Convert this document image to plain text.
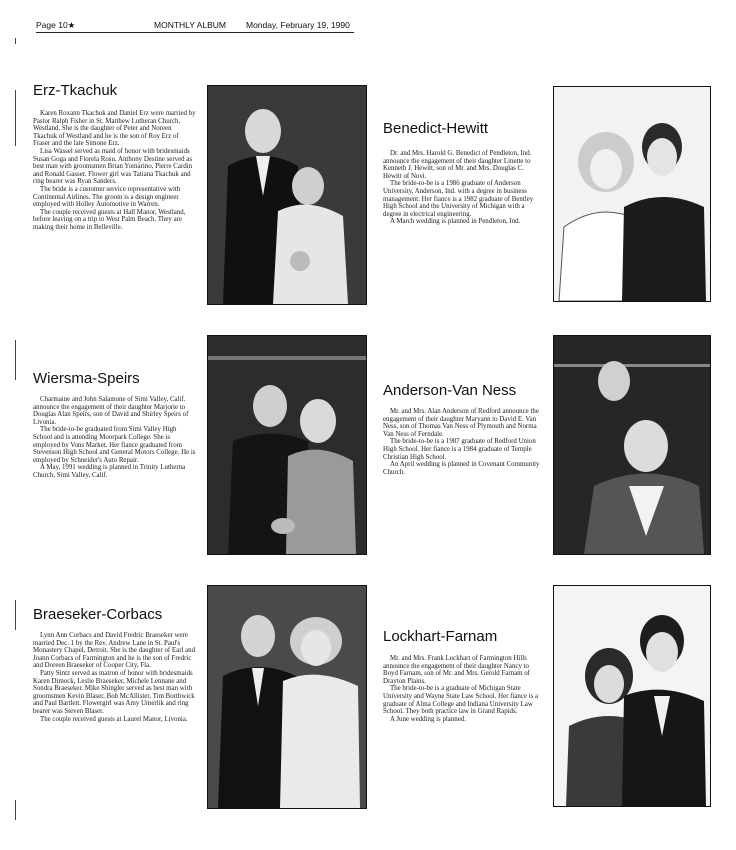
Page 10★	MONTHLY ALBUM Monday, February 19, 1990
Erz-Tkachuk

Karen Roxann Tkachuk and Daniel Erz were married by Pastor Ralph Fisher in St. Matthew Lutheran Church, Westland. She is the daughter of Peter and Noreen Tkachuk of Westland and he is the son of Roy Erz of Fraser and the late Simone Erz.

Lisa Wassel served as maid of honor with bridesmaids Susan Goga and Fiorela Rosu. Anthony Destine served as best man with groomsmen Brian Yomarino, Pierre Cardin and Ronald Gasser. Flower girl was Tatiana Tkachuk and ring bearer was Ryan Sanders.

The bride is a customer service representative with Continental Airlines. The groom is a design engineer employed with Holley Automotive in Warren.

The couple received guests at Hall Manor, Westland, before leaving on a trip to West Palm Beach. They are making their home in Belleville.

Benedict-Hewitt

Dr. and Mrs. Harold G. Benedict of Pendleton, Ind. announce the engagement of their daughter Linette to Kenneth J. Hewitt, son of Mr. and Mrs. Douglas C. Hewitt of Novi.

The bride-to-be is a 1986 graduate of Anderson University, Anderson, Ind. with a degree in business management. Her fiance is a 1982 graduate of Bentley High School and the University of Michigan with a degree in electrical engineering.

A March wedding is planned in Pendleton, Ind.

Wiersma-Speirs

Charmaine and John Salamone of Simi Valley, Calif. announce the engagement of their daughter Marjorie to Douglas Alan Speirs, son of David and Shirley Speirs of Livonia.

The bride-to-be graduated from Simi Valley High School and is attending Moorpark College. She is employed by Vons Market. Her fiance graduated from Stevenson High School and General Motors College. He is employed by Schneider's Auto Repair.

A May, 1991 wedding is planned in Trinity Lutherna Church, Simi Valley, Calif.

Anderson-Van Ness

Mr. and Mrs. Alan Anderson of Redford announce the engagement of their daughter Maryann to David E. Van Ness, son of Thomas Van Ness of Plymouth and Norma Van Ness of Ferndale.

The bride-to-be is a 1987 graduate of Redford Union High School. Her fiance is a 1984 graduate of Temple Christian High School.

An April wedding is planned in Covenant Community Church.

Braeseker-Corbacs

Lynn Ann Corbacs and David Fredric Braeseker were married Dec. 1 by the Rev. Andrew Lane in St. Paul's Monastery Chapel, Detroit. She is the daughter of Earl and Joann Corbacs of Farmington and he is the son of Fredric and Doreen Braeseker of Cooper City, Fla.

Patty Sintz served as matron of honor with bridesmaids Karen Dimock, Leslie Braeseker, Michele Lennane and Sondra Braeseker. Mike Shingler served as best man with groomsmen Kevin Blaser, Bob McAllister, Tim Borthwick and Paul Bartlett. Flowergirl was Amy Umerlik and ring bearer was Steven Blaser.

The couple received guests at Laurel Manor, Livonia.

Lockhart-Farnam

Mr. and Mrs. Frank Lockhart of Farmington Hills announce the engagement of their daughter Nancy to Boyd Farnam, son of Mr. and Mrs. Gerold Farnam of Drayton Plains.

The bride-to-be is a graduate of Michigan State University and Wayne State Law School. Her fiance is a graduate of Alma College and Indiana University Law School. They both practice law in Grand Rapids.

A June wedding is planned.
